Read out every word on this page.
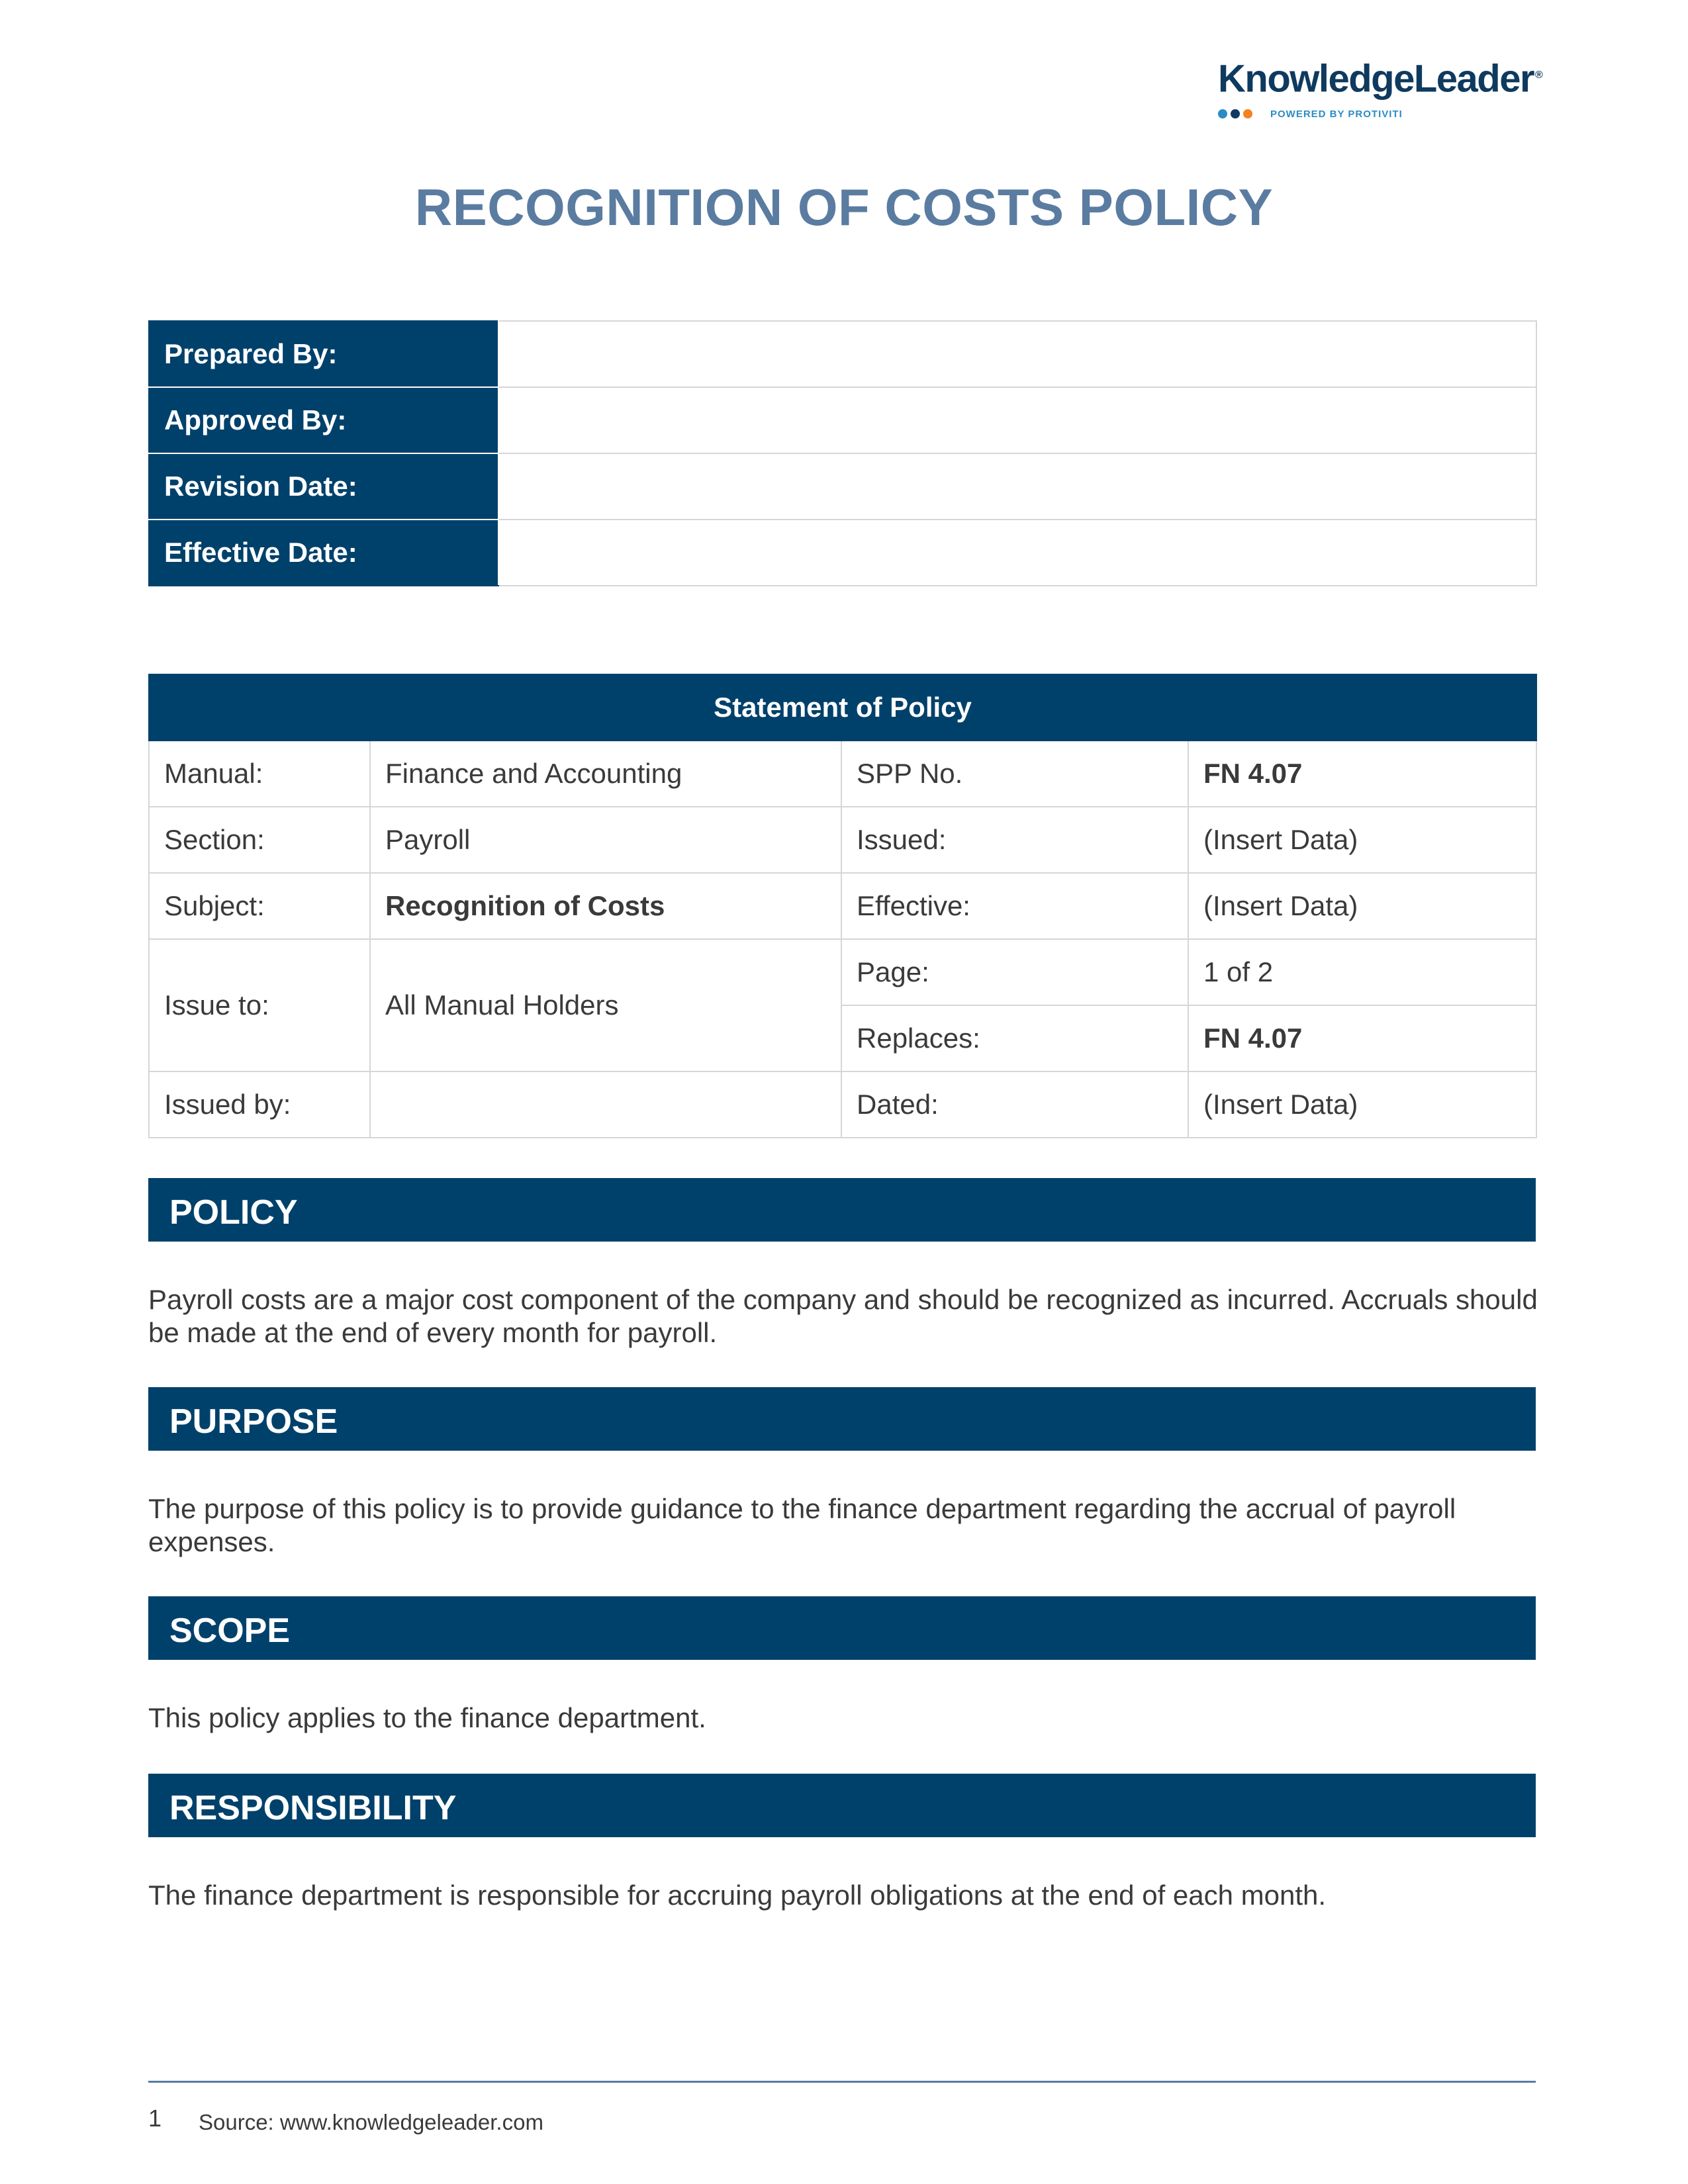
KnowledgeLeader ®
POWERED BY PROTIVITI
RECOGNITION OF COSTS POLICY
Prepared By:	
Approved By:	
Revision Date:	
Effective Date:	
Statement of Policy			
Manual:	Finance and Accounting	SPP No.	FN 4.07
Section:	Payroll	Issued:	(Insert Data)
Subject:	Recognition of Costs	Effective:	(Insert Data)
Issue to:	All Manual Holders	Page:	1 of 2
		Replaces:	FN 4.07
Issued by:		Dated:	(Insert Data)
POLICY
Payroll costs are a major cost component of the company and should be recognized as incurred. Accruals should
be made at the end of every month for payroll.
PURPOSE
The purpose of this policy is to provide guidance to the finance department regarding the accrual of payroll
expenses.
SCOPE
This policy applies to the finance department.
RESPONSIBILITY
The finance department is responsible for accruing payroll obligations at the end of each month.
1 Source: www.knowledgeleader.com
